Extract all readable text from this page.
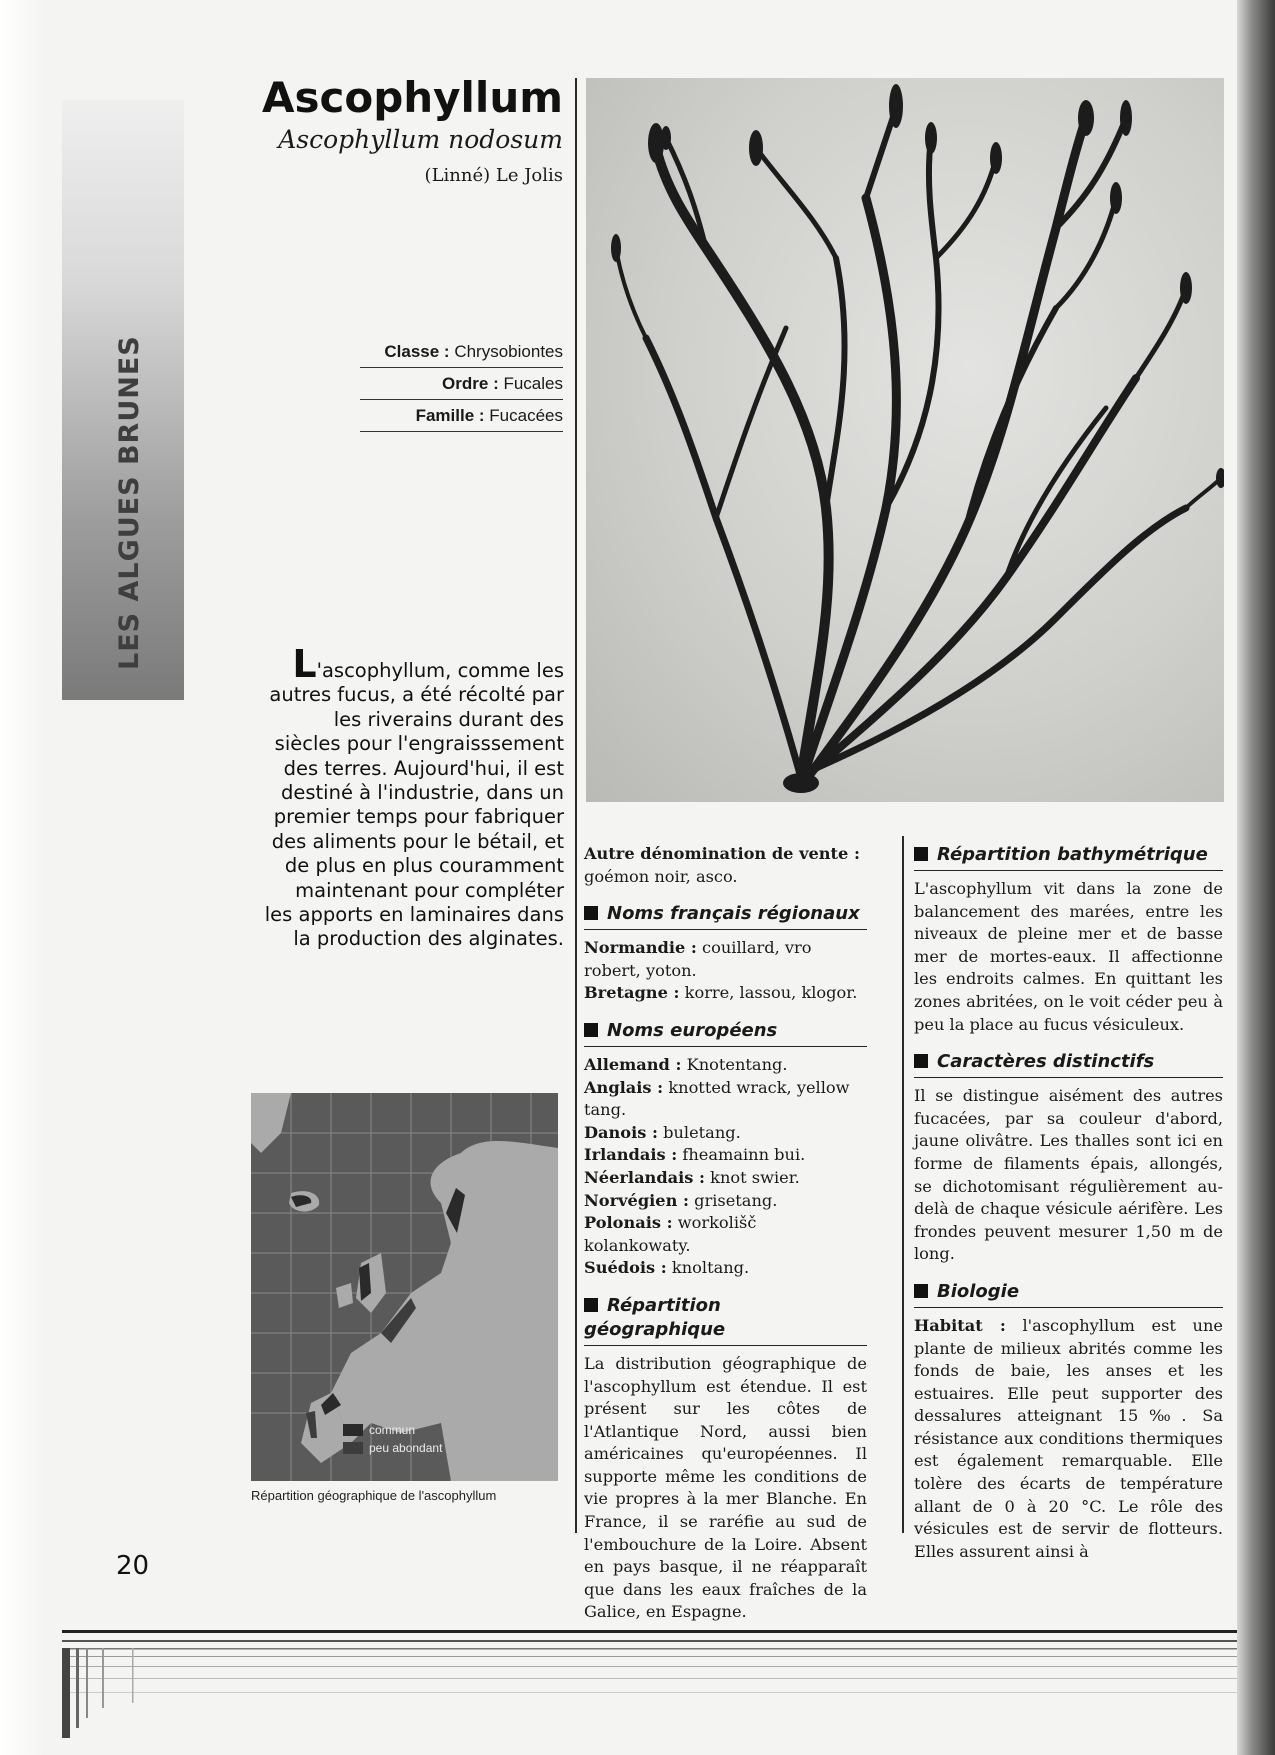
LES ALGUES BRUNES
Ascophyllum
Ascophyllum nodosum
(Linné) Le Jolis
Classe : Chrysobiontes
Ordre : Fucales
Famille : Fucacées
L'ascophyllum, comme les autres fucus, a été récolté par les riverains durant des siècles pour l'engraisssement des terres. Aujourd'hui, il est destiné à l'industrie, dans un premier temps pour fabriquer des aliments pour le bétail, et de plus en plus couramment maintenant pour compléter les apports en laminaires dans la production des alginates.
commun
peu abondant
Répartition géographique de l'ascophyllum
20

Autre dénomination de vente :
goémon noir, asco.

Noms français régionaux

Normandie : couillard, vro robert, yoton.

Bretagne : korre, lassou, klogor.

Noms européens

Allemand : Knotentang.

Anglais : knotted wrack, yellow tang.

Danois : buletang.

Irlandais : fheamainn bui.

Néerlandais : knot swier.

Norvégien : grisetang.

Polonais : workolišč kolankowaty.

Suédois : knoltang.

Répartition géographique

La distribution géographique de l'ascophyllum est étendue. Il est présent sur les côtes de l'Atlantique Nord, aussi bien américaines qu'européennes. Il supporte même les conditions de vie propres à la mer Blanche. En France, il se raréfie au sud de l'embouchure de la Loire. Absent en pays basque, il ne réapparaît que dans les eaux fraîches de la Galice, en Espagne.

Répartition bathymétrique

L'ascophyllum vit dans la zone de balancement des marées, entre les niveaux de pleine mer et de basse mer de mortes-eaux. Il affectionne les endroits calmes. En quittant les zones abritées, on le voit céder peu à peu la place au fucus vésiculeux.

Caractères distinctifs

Il se distingue aisément des autres fucacées, par sa couleur d'abord, jaune olivâtre. Les thalles sont ici en forme de filaments épais, allongés, se dichotomisant régulièrement au-delà de chaque vésicule aérifère. Les frondes peuvent mesurer 1,50 m de long.

Biologie

Habitat : l'ascophyllum est une plante de milieux abrités comme les fonds de baie, les anses et les estuaires. Elle peut supporter des dessalures atteignant 15‰. Sa résistance aux conditions thermiques est également remarquable. Elle tolère des écarts de température allant de 0 à 20 °C. Le rôle des vésicules est de servir de flotteurs. Elles assurent ainsi à
